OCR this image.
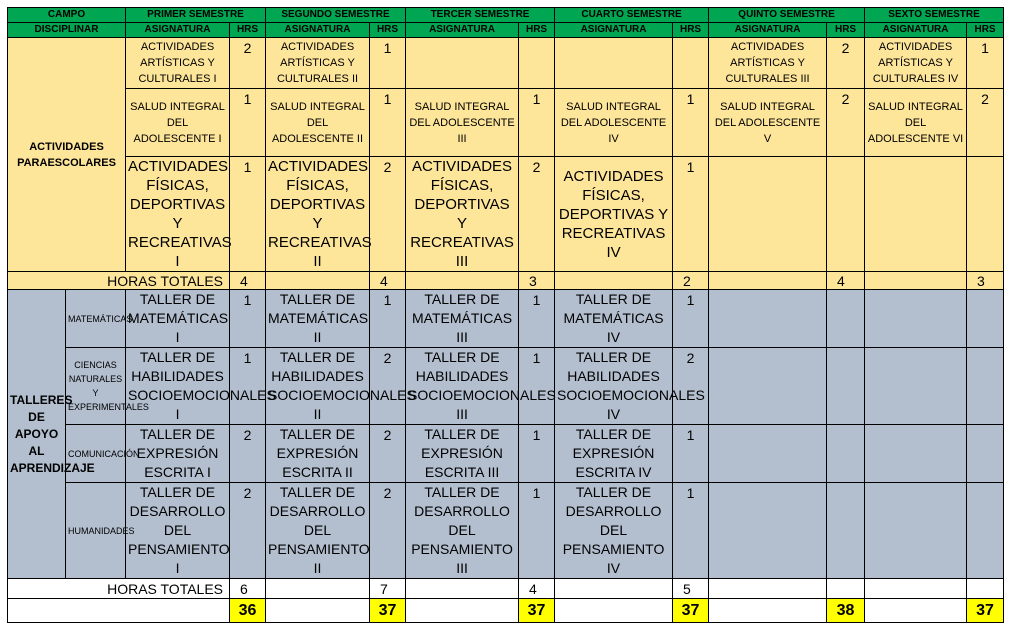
CAMPO		PRIMER SEMESTRE		SEGUNDO SEMESTRE		TERCER SEMESTRE		CUARTO SEMESTRE		QUINTO SEMESTRE		SEXTO SEMESTRE	
DISCIPLINAR		ASIGNATURA	HRS	ASIGNATURA	HRS	ASIGNATURA	HRS	ASIGNATURA	HRS	ASIGNATURA	HRS	ASIGNATURA	HRS
ACTIVIDADES PARAESCOLARES		ACTIVIDADES ARTÍSTICAS Y CULTURALES I	2	ACTIVIDADES ARTÍSTICAS Y CULTURALES II	1					ACTIVIDADES ARTÍSTICAS Y CULTURALES III	2	ACTIVIDADES ARTÍSTICAS Y CULTURALES IV	1
		SALUD INTEGRAL DEL ADOLESCENTE I	1	SALUD INTEGRAL DEL ADOLESCENTE II	1	SALUD INTEGRAL DEL ADOLESCENTE III	1	SALUD INTEGRAL DEL ADOLESCENTE IV	1	SALUD INTEGRAL DEL ADOLESCENTE V	2	SALUD INTEGRAL DEL ADOLESCENTE VI	2
		ACTIVIDADES FÍSICAS, DEPORTIVAS Y RECREATIVAS I	1	ACTIVIDADES FÍSICAS, DEPORTIVAS Y RECREATIVAS II	2	ACTIVIDADES FÍSICAS, DEPORTIVAS Y RECREATIVAS III	2	ACTIVIDADES FÍSICAS, DEPORTIVAS Y RECREATIVAS IV	1				
HORAS TOTALES			4		4		3		2		4		3
TALLERES DE APOYO AL APRENDIZAJE	MATEMÁTICAS	TALLER DE MATEMÁTICAS I	1	TALLER DE MATEMÁTICAS II	1	TALLER DE MATEMÁTICAS III	1	TALLER DE MATEMÁTICAS IV	1				
	CIENCIAS NATURALES Y EXPERIMENTALES	TALLER DE HABILIDADES SOCIOEMOCIONALES I	1	TALLER DE HABILIDADES SOCIOEMOCIONALES II	2	TALLER DE HABILIDADES SOCIOEMOCIONALES III	1	TALLER DE HABILIDADES SOCIOEMOCIONALES IV	2				
	COMUNICACIÓN	TALLER DE EXPRESIÓN ESCRITA I	2	TALLER DE EXPRESIÓN ESCRITA II	2	TALLER DE EXPRESIÓN ESCRITA III	1	TALLER DE EXPRESIÓN ESCRITA IV	1				
	HUMANIDADES	TALLER DE DESARROLLO DEL PENSAMIENTO I	2	TALLER DE DESARROLLO DEL PENSAMIENTO II	2	TALLER DE DESARROLLO DEL PENSAMIENTO III	1	TALLER DE DESARROLLO DEL PENSAMIENTO IV	1				
HORAS TOTALES			6		7		4		5				
			36		37		37		37		38		37
